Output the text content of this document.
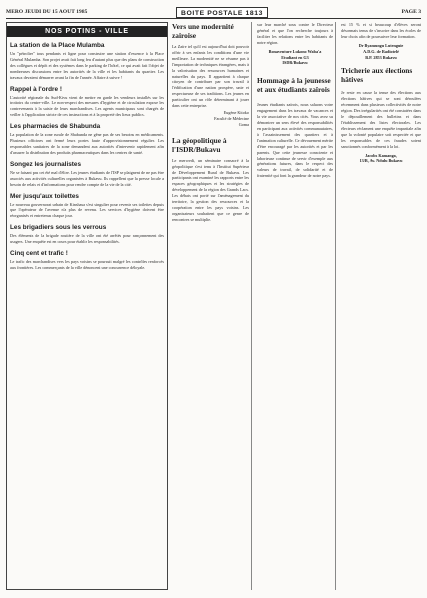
MERO JEUDI DU 15 AOUT 1985	BOITE POSTALE 1813	PAGE 3
NOS POTINS - VILLE
La station de la Place Mulamba

Un "pétrolier" tous pendants et ligne pour construire une station d'essence à la Place Général Mulamba. Son projet avait fait long feu d'autant plus que des plans de construction des collègues et dépôt et des systèmes dans le parking de l'hôtel, ce qui avait fait l'objet de nombreuses discussions entre les autorités de la ville et les habitants du quartier. Les travaux devaient démarrer avant la fin de l'année. Affaire à suivre !

Rappel à l'ordre !

L'autorité régionale du Sud-Kivu vient de mettre en garde les vendeurs installés sur les trottoirs du centre-ville. Le non-respect des mesures d'hygiène et de circulation expose les contrevenants à la saisie de leurs marchandises. Les agents municipaux sont chargés de veiller à l'application stricte de ces instructions et à la propreté des lieux publics.

Les pharmacies de Shabunda

La population de la zone rurale de Shabunda ne gêne pas de ses besoins en médicaments. Plusieurs officines ont fermé leurs portes faute d'approvisionnement régulier. Les responsables sanitaires de la zone demandent aux autorités d'intervenir rapidement afin d'assurer la distribution des produits pharmaceutiques dans les centres de santé.

Songez les journalistes

Ne se faisant pas cet été mal d'élire. Les jeunes étudiants de l'ISP se plaignent de ne pas être associés aux activités culturelles organisées à Bukavu. Ils rappellent que la presse locale a besoin de relais et d'informations pour rendre compte de la vie de la cité.

Mer jusqu'aux toilettes

Le nouveau gouvernorat urbain de Kinshasa s'est singulier pour revenir ses toilettes depuis que l'opérateur de l'avenue n'a plus de revenu. Les services d'hygiène doivent être réorganisés et entretenus chaque jour.

Les brigadiers sous les verrous

Des éléments de la brigade routière de la ville ont été arrêtés pour rançonnement des usagers. Une enquête est en cours pour établir les responsabilités.

Cinq cent et trafic !

Le trafic des marchandises vers les pays voisins se poursuit malgré les contrôles renforcés aux frontières. Les commerçants de la ville dénoncent une concurrence déloyale.

Vers une modernité zairoise

La Zaïre tel qu'il est aujourd'hui doit pouvoir offrir à ses enfants les conditions d'une vie meilleure. La modernité ne se résume pas à l'importation de techniques étrangères, mais à la valorisation des ressources humaines et naturelles du pays. Il appartient à chaque citoyen de contribuer par son travail à l'édification d'une nation prospère, unie et respectueuse de ses traditions. Les jeunes en particulier ont un rôle déterminant à jouer dans cette entreprise.

Eugène Kitoko
Faculté de Médecine
Goma

La géopolitique à l'ISDR/Bukavu

Le mercredi, un séminaire consacré à la géopolitique s'est tenu à l'Institut Supérieur de Développement Rural de Bukavu. Les participants ont examiné les rapports entre les espaces géographiques et les stratégies de développement de la région des Grands Lacs. Les débats ont porté sur l'aménagement du territoire, la gestion des ressources et la coopération entre les pays voisins. Les organisateurs souhaitent que ce genre de rencontres se multiplie.

sur leur marché sous contre le Directeur général et que l'on recherche toujours à faciliter les relations entre les habitants de notre région.

Bonaventure Lukono Waba'a
Etudiant en G3
ISDR/Bukavu

Hommage à la jeunesse et aux étudiants zaïrois

Jeunes étudiants zaïrois, nous saluons votre engagement dans les travaux de vacances et la vie associative de nos cités. Vous avez su démontrer un sens élevé des responsabilités en participant aux activités communautaires, à l'assainissement des quartiers et à l'animation culturelle. Ce dévouement mérite d'être encouragé par les autorités et par les parents. Que cette jeunesse consciente et laborieuse continue de servir d'exemple aux générations futures, dans le respect des valeurs de travail, de solidarité et de fraternité qui font la grandeur de notre pays.

est 15 % et si beaucoup d'élèves seront désormais tenus de s'inscrire dans les écoles de leur choix afin de poursuivre leur formation.

Dr Byamungu Lutenguie
A.D.G. de Radiotelé
B.P. 2853 Bukavu

Tricherie aux élections hâtives

Je reste en cause la tenue des élections aux élections hâtives qui se sont déroulées récemment dans plusieurs collectivités de notre région. Des irrégularités ont été constatées dans le dépouillement des bulletins et dans l'établissement des listes électorales. Les électeurs réclament une enquête impartiale afin que la volonté populaire soit respectée et que les responsables de ces fraudes soient sanctionnés conformément à la loi.

Jacobs Kamanga,
13/B, Av. Ndulu Bukavu
